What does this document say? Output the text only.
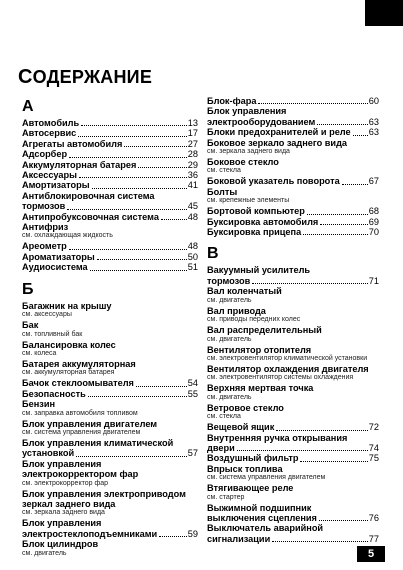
СОДЕРЖАНИЕ
А
Автомобиль	13
Автосервис	17
Агрегаты автомобиля	27
Адсорбер	28
Аккумуляторная батарея	29
Аксессуары	36
Амортизаторы	41
Антиблокировочная система
тормозов	45
Антипробуксовочная система	48
Антифриз
см. охлаждающая жидкость
Ареометр	48
Ароматизаторы	50
Аудиосистема	51
Б
Багажник на крышу
см. аксессуары
Бак
см. топливный бак
Балансировка колес
см. колеса
Батарея аккумуляторная
см. аккумуляторная батарея
Бачок стеклоомывателя	54
Безопасность	55
Бензин
см. заправка автомобиля топливом
Блок управления двигателем
см. система управления двигателем
Блок управления климатической
установкой	57
Блок управления
электрокорректором фар
см. электрокорректор фар
Блок управления электроприводом
зеркал заднего вида
см. зеркала заднего вида
Блок управления
электростеклоподъемниками	59
Блок цилиндров
см. двигатель
Блок-фара	60
Блок управления
электрооборудованием	63
Блоки предохранителей и реле 63
Боковое зеркало заднего вида
см. зеркала заднего вида
Боковое стекло
см. стекла
Боковой указатель поворота	67
Болты
см. крепежные элементы
Бортовой компьютер	68
Буксировка автомобиля	69
Буксировка прицепа	70
В
Вакуумный усилитель
тормозов	71
Вал коленчатый
см. двигатель
Вал привода
см. приводы передних колес
Вал распределительный
см. двигатель
Вентилятор отопителя
см. электровентилятор климатической установки
Вентилятор охлаждения двигателя
см. электровентилятор системы охлаждения
Верхняя мертвая точка
см. двигатель
Ветровое стекло
см. стекла
Вещевой ящик	72
Внутренняя ручка открывания
двери	74
Воздушный фильтр	75
Впрыск топлива
см. система управления двигателем
Втягивающее реле
см. стартер
Выжимной подшипник
выключения сцепления	76
Выключатель аварийной
сигнализации	77
5
